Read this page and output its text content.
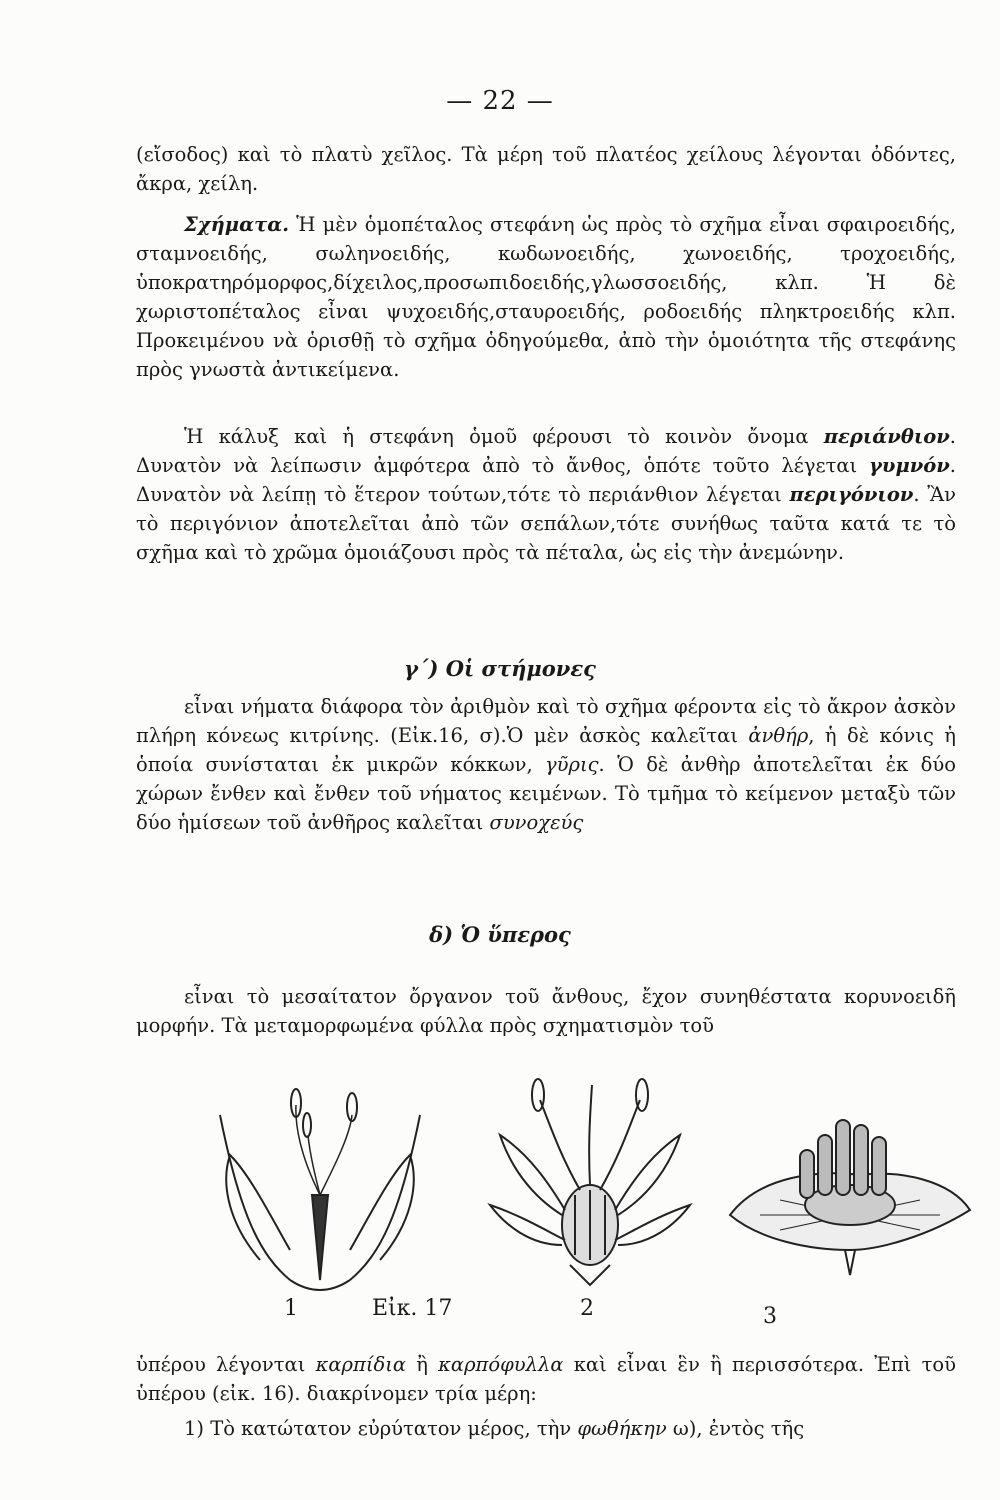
— 22 —

(εἴσοδος) καὶ τὸ πλατὺ χεῖλος. Τὰ μέρη τοῦ πλατέος χείλους λέγονται ὀδόντες, ἄκρα, χείλη.

Σχήματα. Ἡ μὲν ὁμοπέταλος στεφάνη ὡς πρὸς τὸ σχῆμα εἶναι σφαιροειδής, σταμνοειδής, σωληνοειδής, κωδωνοειδής, χωνοειδής, τροχοειδής, ὑποκρατηρόμορφος,δίχειλος,προσωπιδοειδής,γλωσσοειδής, κλπ. Ἡ δὲ χωριστοπέταλος εἶναι ψυχοειδής,σταυροειδής, ροδοειδής πληκτροειδής κλπ. Προκειμένου νὰ ὁρισθῇ τὸ σχῆμα ὁδηγούμεθα, ἀπὸ τὴν ὁμοιότητα τῆς στεφάνης πρὸς γνωστὰ ἀντικείμενα.

Ἡ κάλυξ καὶ ἡ στεφάνη ὁμοῦ φέρουσι τὸ κοινὸν ὄνομα περιάνθιον. Δυνατὸν νὰ λείπωσιν ἀμφότερα ἀπὸ τὸ ἄνθος, ὁπότε τοῦτο λέγεται γυμνόν. Δυνατὸν νὰ λείπῃ τὸ ἕτερον τούτων,τότε τὸ περιάνθιον λέγεται περιγόνιον. Ἂν τὸ περιγόνιον ἀποτελεῖται ἀπὸ τῶν σεπάλων,τότε συνήθως ταῦτα κατά τε τὸ σχῆμα καὶ τὸ χρῶμα ὁμοιάζουσι πρὸς τὰ πέταλα, ὡς εἰς τὴν ἀνεμώνην.

γ΄) Οἱ στήμονες

εἶναι νήματα διάφορα τὸν ἀριθμὸν καὶ τὸ σχῆμα φέροντα εἰς τὸ ἄκρον ἀσκὸν πλήρη κόνεως κιτρίνης. (Εἰκ.16, σ).Ὁ μὲν ἀσκὸς καλεῖται ἀνθήρ, ἡ δὲ κόνις ἡ ὁποία συνίσταται ἐκ μικρῶν κόκκων, γῦρις. Ὁ δὲ ἀνθὴρ ἀποτελεῖται ἐκ δύο χώρων ἔνθεν καὶ ἔνθεν τοῦ νήματος κειμένων. Τὸ τμῆμα τὸ κείμενον μεταξὺ τῶν δύο ἡμίσεων τοῦ ἀνθῆρος καλεῖται συνοχεύς

δ) Ὁ ὕπερος

εἶναι τὸ μεσαίτατον ὄργανον τοῦ ἄνθους, ἔχον συνηθέστατα κορυνοειδῆ μορφήν. Τὰ μεταμορφωμένα φύλλα πρὸς σχηματισμὸν τοῦ

1	Εἰκ. 17	2	3

ὑπέρου λέγονται καρπίδια ἢ καρπόφυλλα καὶ εἶναι ἓν ἢ περισσότερα. Ἐπὶ τοῦ ὑπέρου (εἰκ. 16). διακρίνομεν τρία μέρη:

1) Τὸ κατώτατον εὐρύτατον μέρος, τὴν φωθήκην ω), ἐντὸς τῆς
